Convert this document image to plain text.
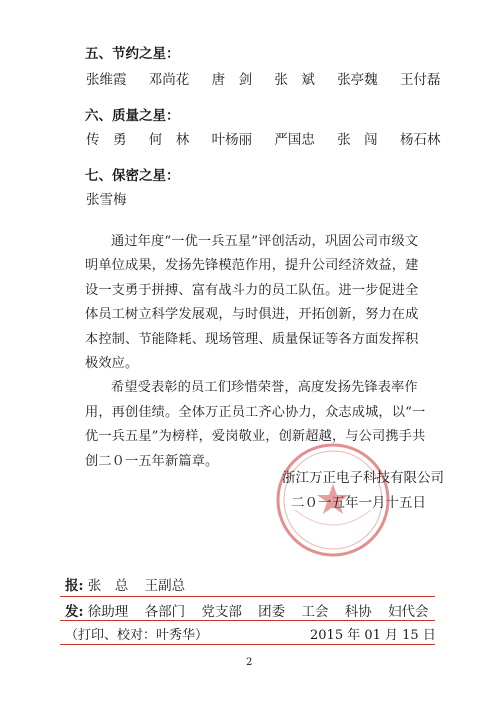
五、节约之星：
张维霞 邓尚花 唐　剑 张　斌 张亭魏 王付磊
六、质量之星：
传　勇 何　林 叶杨丽 严国忠 张　闯 杨石林
七、保密之星：
张雪梅

通过年度“一优一兵五星”评创活动，巩固公司市级文明单位成果，发扬先锋模范作用，提升公司经济效益，建设一支勇于拼搏、富有战斗力的员工队伍。进一步促进全体员工树立科学发展观，与时俱进，开拓创新，努力在成本控制、节能降耗、现场管理、质量保证等各方面发挥积极效应。

希望受表彰的员工们珍惜荣誉，高度发扬先锋表率作用，再创佳绩。全体万正员工齐心协力，众志成城，以“一优一兵五星”为榜样，爱岗敬业，创新超越，与公司携手共创二０一五年新篇章。

浙江万正电子科技有限公司
二０一五年一月十五日
报: 张　总 王副总
发: 徐助理 各部门 党支部 团委 工会 科协 妇代会
（打印、校对：叶秀华）	2015 年 01 月 15 日
2
